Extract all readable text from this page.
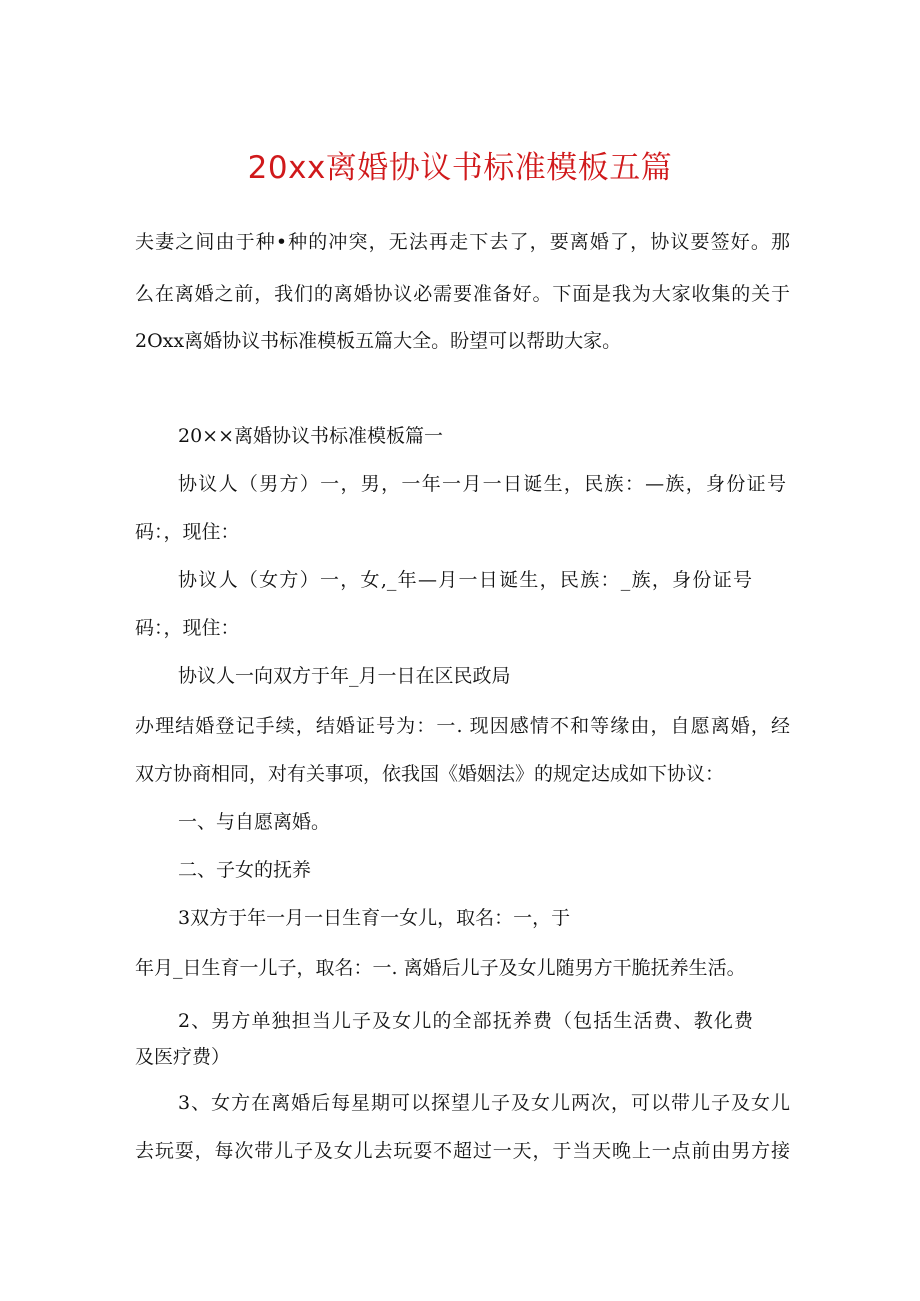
20xx离婚协议书标准模板五篇
夫妻之间由于种•种的冲突，无法再走下去了，要离婚了，协议要签好。那
么在离婚之前，我们的离婚协议必需要准备好。下面是我为大家收集的关于
2Oxx离婚协议书标准模板五篇大全。盼望可以帮助大家。
20××离婚协议书标准模板篇一
协议人（男方）一，男，一年一月一日诞生，民族：—族，身份证号
码：，现住：
协议人（女方）一，女,_年—月一日诞生，民族：_族，身份证号
码：，现住：
协议人一向双方于年_月一日在区民政局
办理结婚登记手续，结婚证号为：一. 现因感情不和等缘由，自愿离婚，经
双方协商相同，对有关事项，依我国《婚姻法》的规定达成如下协议：
一、与自愿离婚。
二、子女的抚养
3双方于年一月一日生育一女儿，取名：一，于
年月_日生育一儿子，取名：一. 离婚后儿子及女儿随男方干脆抚养生活。
2、男方单独担当儿子及女儿的全部抚养费（包括生活费、教化费
及医疗费）
3、女方在离婚后每星期可以探望儿子及女儿两次，可以带儿子及女儿
去玩耍，每次带儿子及女儿去玩耍不超过一天，于当天晚上一点前由男方接
